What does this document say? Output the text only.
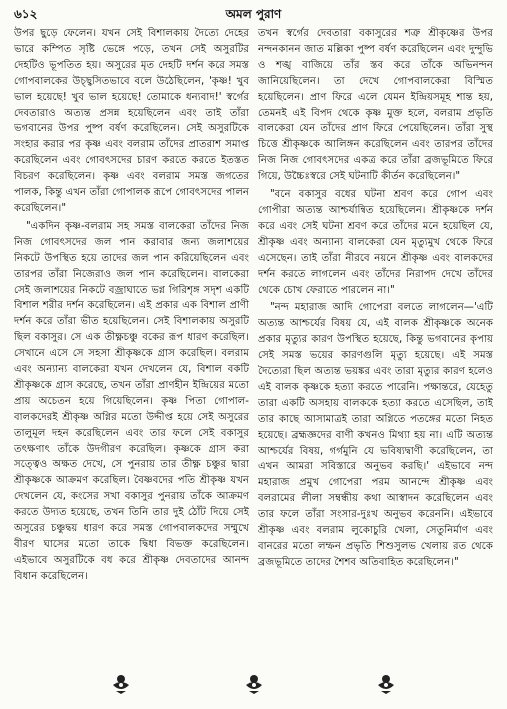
৬১২	অমল পুরাণ

উপর ছুড়ে ফেলেন। যখন সেই বিশালকায় দৈত্যে দেহের ভারে কম্পিত সৃষ্টি ভেঙ্গে পড়ে, তখন সেই অসুরটির দেহটিও ভূপতিত হয়। অসুরের মৃত দেহটি দর্শন করে সমস্ত গোপবালকের উচ্ছ্বসিতভাবে বলে উঠেছিলেন, 'কৃষ্ণ! খুব ভাল হয়েছে! খুব ভাল হয়েছে! তোমাকে ধন্যবাদ!' স্বর্গের দেবতারাও অত্যন্ত প্রসন্ন হয়েছিলেন এবং তাই তাঁরা ভগবানের উপর পুষ্প বর্ষণ করেছিলেন। সেই অসুরটিকে সংহার করার পর কৃষ্ণ এবং বলরাম তাঁদের প্রাতরাশ সমাপ্ত করেছিলেন এবং গোবৎসদের চারণ করতে করতে ইতস্তত বিচরণ করেছিলেন। কৃষ্ণ এবং বলরাম সমস্ত জগতের পালক, কিন্তু এখন তাঁরা গোপালক রূপে গোবৎসদের পালন করেছিলেন।"

"একদিন কৃষ্ণ-বলরাম সহ সমস্ত বালকেরা তাঁদের নিজ নিজ গোবৎসদের জল পান করাবার জন্য জলাশয়ের নিকটে উপস্থিত হয়ে তাদের জল পান করিয়েছিলেন এবং তারপর তাঁরা নিজেরাও জল পান করেছিলেন। বালকেরা সেই জলাশয়ের নিকটে বজ্রাঘাতে ভগ্ন গিরিশৃঙ্গ সদৃশ একটি বিশাল শরীর দর্শন করেছিলেন। এই প্রকার এক বিশাল প্রাণী দর্শন করে তাঁরা ভীত হয়েছিলেন। সেই বিশালকায় অসুরটি ছিল বকাসুর। সে এক তীক্ষ্ণচঞ্চু বকের রূপ ধারণ করেছিল। সেখানে এসে সে সহসা শ্রীকৃষ্ণকে গ্রাস করেছিল। বলরাম এবং অন্যান্য বালকেরা যখন দেখলেন যে, বিশাল বকটি শ্রীকৃষ্ণকে গ্রাস করেছে, তখন তাঁরা প্রাণহীন ইন্দ্রিয়ের মতো প্রায় অচেতন হয়ে গিয়েছিলেন। কৃষ্ণ পিতা গোপাল-বালকদেরই শ্রীকৃষ্ণ অগ্নির মতো উদ্দীপ্ত হয়ে সেই অসুরের তালুমূল দহন করেছিলেন এবং তার ফলে সেই বকাসুর তৎক্ষণাৎ তাঁকে উদগীরণ করেছিল। কৃষ্ণকে গ্রাস করা সত্ত্বেও অক্ষত দেখে, সে পুনরায় তার তীক্ষ্ণ চঞ্চুর দ্বারা শ্রীকৃষ্ণকে আক্রমণ করেছিল। বৈষ্ণবদের পতি শ্রীকৃষ্ণ যখন দেখলেন যে, কংসের সখা বকাসুর পুনরায় তাঁকে আক্রমণ করতে উদ্যত হয়েছে, তখন তিনি তার দুই ঠোঁট দিয়ে সেই অসুরের চঞ্চুদ্বয় ধারণ করে সমস্ত গোপবালকদের সম্মুখে বীরণ ঘাসের মতো তাকে দ্বিধা বিভক্ত করেছিলেন। এইভাবে অসুরটিকে বধ করে শ্রীকৃষ্ণ দেবতাদের আনন্দ বিধান করেছিলেন।

তখন স্বর্গের দেবতারা বকাসুরের শত্রু শ্রীকৃষ্ণের উপর নন্দনকানন জাত মল্লিকা পুষ্প বর্ষণ করেছিলেন এবং দুন্দুভি ও শঙ্খ বাজিয়ে তাঁর স্তব করে তাঁকে অভিনন্দন জানিয়েছিলেন। তা দেখে গোপবালকেরা বিস্মিত হয়েছিলেন। প্রাণ ফিরে এলে যেমন ইন্দ্রিয়সমূহ শান্ত হয়, তেমনই এই বিপদ থেকে কৃষ্ণ মুক্ত হলে, বলরাম প্রভৃতি বালকেরা যেন তাঁদের প্রাণ ফিরে পেয়েছিলেন। তাঁরা সুস্থ চিত্তে শ্রীকৃষ্ণকে আলিঙ্গন করেছিলেন এবং তারপর তাঁদের নিজ নিজ গোবৎসদের একত্র করে তাঁরা ব্রজভূমিতে ফিরে গিয়ে, উচ্চৈঃস্বরে সেই ঘটনাটি কীর্তন করেছিলেন।"

"বনে বকাসুর বধের ঘটনা শ্রবণ করে গোপ এবং গোপীরা অত্যন্ত আশ্চর্যান্বিত হয়েছিলেন। শ্রীকৃষ্ণকে দর্শন করে এবং সেই ঘটনা শ্রবণ করে তাঁদের মনে হয়েছিল যে, শ্রীকৃষ্ণ এবং অন্যান্য বালকেরা যেন মৃত্যুমুখ থেকে ফিরে এসেছেন। তাই তাঁরা নীরবে নয়নে শ্রীকৃষ্ণ এবং বালকদের দর্শন করতে লাগলেন এবং তাঁদের নিরাপদ দেখে তাঁদের থেকে চোখ ফেরাতে পারলেন না।"

"নন্দ মহারাজ আদি গোপেরা বলতে লাগলেন—'এটি অত্যন্ত আশ্চর্যের বিষয় যে, এই বালক শ্রীকৃষ্ণকে অনেক প্রকার মৃত্যুর কারণ উপস্থিত হয়েছে, কিন্তু ভগবানের কৃপায় সেই সমস্ত ভয়ের কারণগুলি মৃত্যু হয়েছে। এই সমস্ত দৈত্যেরা ছিল অত্যন্ত ভয়ঙ্কর এবং তারা মৃত্যুর কারণ হলেও এই বালক কৃষ্ণকে হত্যা করতে পারেনি। পক্ষান্তরে, যেহেতু তারা একটি অসহায় বালককে হত্যা করতে এসেছিল, তাই তার কাছে আসামাত্রই তারা অগ্নিতে পতঙ্গের মতো নিহত হয়েছে। ব্রহ্মজ্ঞদের বাণী কখনও মিথ্যা হয় না। এটি অত্যন্ত আশ্চর্যের বিষয়, গর্গমুনি যে ভবিষ্যদ্বাণী করেছিলেন, তা এখন আমরা সবিস্তারে অনুভব করছি।' এইভাবে নন্দ মহারাজ প্রমুখ গোপেরা পরম আনন্দে শ্রীকৃষ্ণ এবং বলরামের লীলা সম্বন্ধীয় কথা আস্বাদন করেছিলেন এবং তার ফলে তাঁরা সংসার-দুঃখ অনুভব করেননি। এইভাবে শ্রীকৃষ্ণ এবং বলরাম লুকোচুরি খেলা, সেতুনির্মাণ এবং বানরের মতো লম্ফন প্রভৃতি শিশুসুলভ খেলায় রত থেকে ব্রজভূমিতে তাদের শৈশব অতিবাহিত করেছিলেন।"
